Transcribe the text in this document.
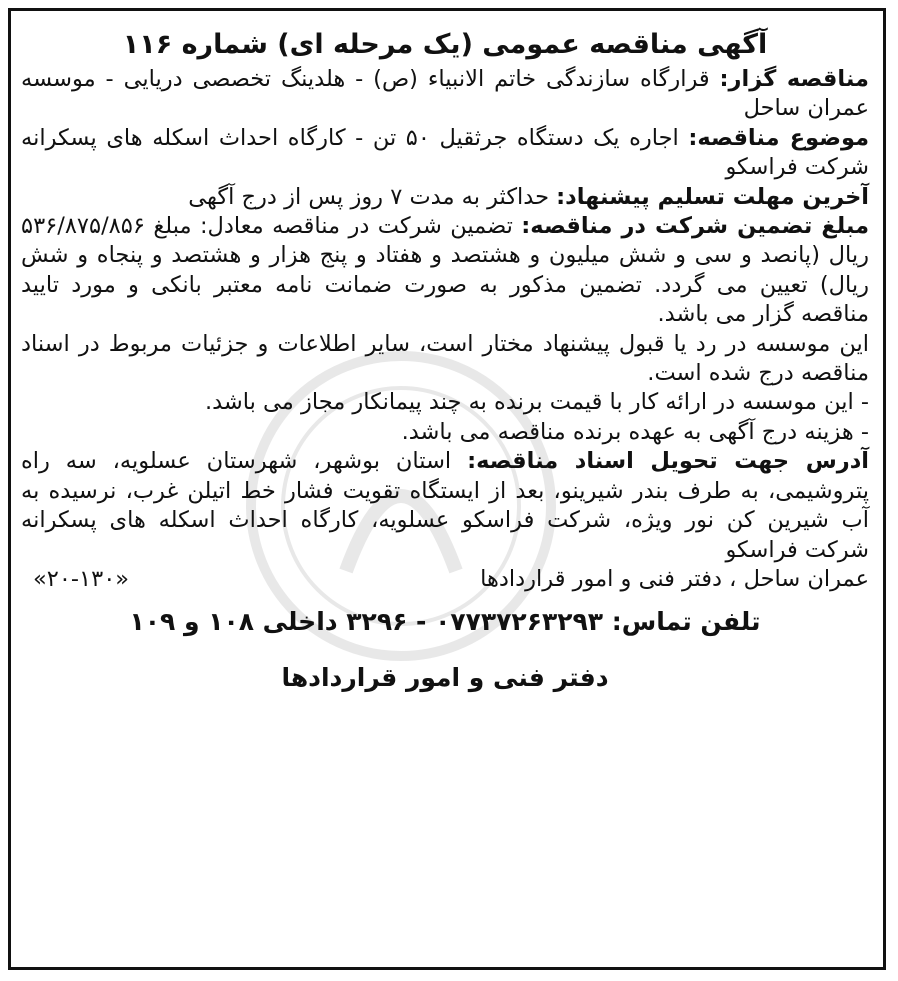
آگهی مناقصه عمومی (یک مرحله ای) شماره ۱۱۶

مناقصه گزار: قرارگاه سازندگی خاتم الانبیاء (ص) - هلدینگ تخصصی دریایی - موسسه عمران ساحل

موضوع مناقصه: اجاره یک دستگاه جرثقیل ۵۰ تن - کارگاه احداث اسکله های پسکرانه شرکت فراسکو

آخرین مهلت تسلیم پیشنهاد: حداکثر به مدت ۷ روز پس از درج آگهی

مبلغ تضمین شرکت در مناقصه: تضمین شرکت در مناقصه معادل: مبلغ ۵۳۶/۸۷۵/۸۵۶ ریال (پانصد و سی و شش میلیون و هشتصد و هفتاد و پنج هزار و هشتصد و پنجاه و شش ریال) تعیین می گردد. تضمین مذکور به صورت ضمانت نامه معتبر بانکی و مورد تایید مناقصه گزار می باشد.

این موسسه در رد یا قبول پیشنهاد مختار است، سایر اطلاعات و جزئیات مربوط در اسناد مناقصه درج شده است.

- این موسسه در ارائه کار با قیمت برنده به چند پیمانکار مجاز می باشد.

- هزینه درج آگهی به عهده برنده مناقصه می باشد.

آدرس جهت تحویل اسناد مناقصه: استان بوشهر، شهرستان عسلویه، سه راه پتروشیمی، به طرف بندر شیرینو، بعد از ایستگاه تقویت فشار خط اتیلن غرب، نرسیده به آب شیرین کن نور ویژه، شرکت فراسکو عسلویه، کارگاه احداث اسکله های پسکرانه شرکت فراسکو

عمران ساحل ، دفتر فنی و امور قراردادها
«۲۰-۱۳۰»
تلفن تماس: ۰۷۷۳۷۲۶۳۲۹۳ - ۳۲۹۶ داخلی ۱۰۸ و ۱۰۹
دفتر فنی و امور قراردادها
